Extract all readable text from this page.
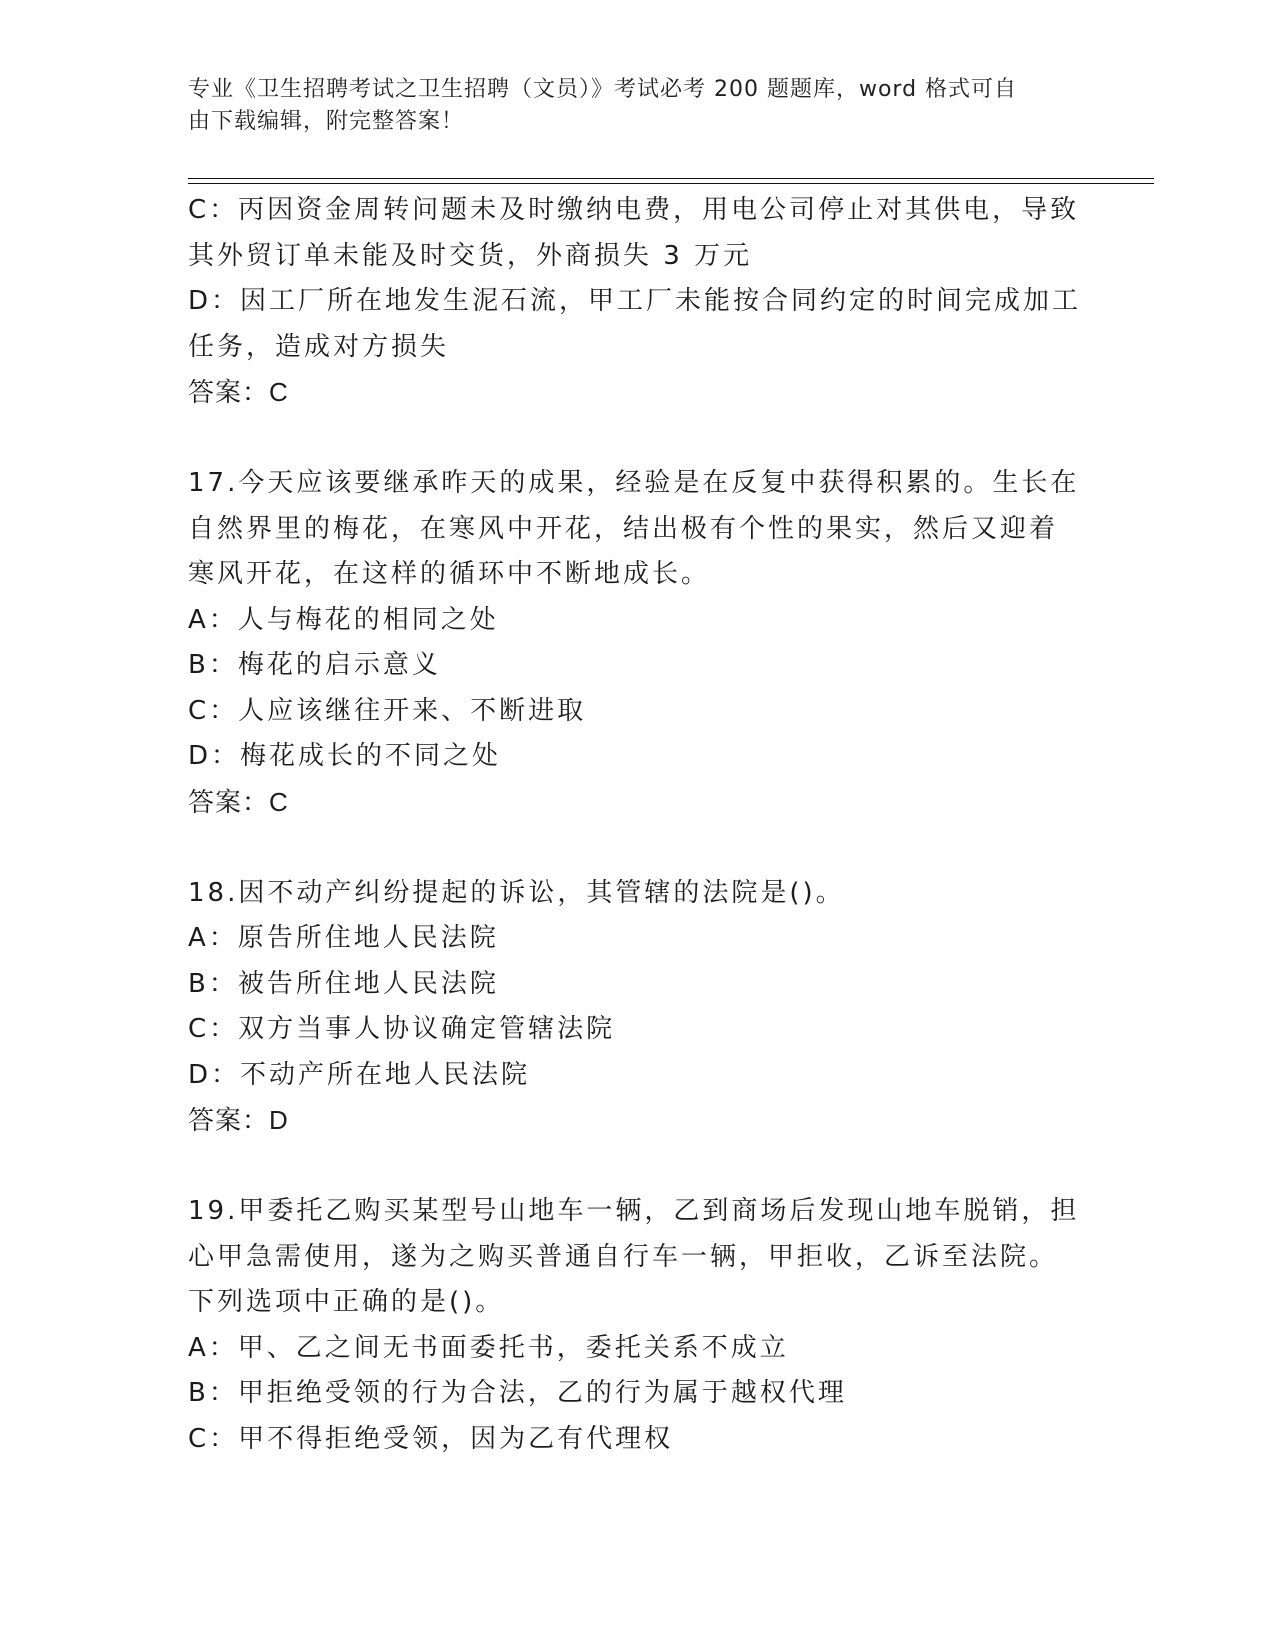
专业《卫生招聘考试之卫生招聘（文员）》考试必考 200 题题库，word 格式可自
由下载编辑，附完整答案！
C：丙因资金周转问题未及时缴纳电费，用电公司停止对其供电，导致
其外贸订单未能及时交货，外商损失 3 万元
D：因工厂所在地发生泥石流，甲工厂未能按合同约定的时间完成加工
任务，造成对方损失
答案：C
17.今天应该要继承昨天的成果，经验是在反复中获得积累的。生长在
自然界里的梅花，在寒风中开花，结出极有个性的果实，然后又迎着
寒风开花，在这样的循环中不断地成长。
A：人与梅花的相同之处
B：梅花的启示意义
C：人应该继往开来、不断进取
D：梅花成长的不同之处
答案：C
18.因不动产纠纷提起的诉讼，其管辖的法院是()。
A：原告所住地人民法院
B：被告所住地人民法院
C：双方当事人协议确定管辖法院
D：不动产所在地人民法院
答案：D
19.甲委托乙购买某型号山地车一辆，乙到商场后发现山地车脱销，担
心甲急需使用，遂为之购买普通自行车一辆，甲拒收，乙诉至法院。
下列选项中正确的是()。
A：甲、乙之间无书面委托书，委托关系不成立
B：甲拒绝受领的行为合法，乙的行为属于越权代理
C：甲不得拒绝受领，因为乙有代理权
